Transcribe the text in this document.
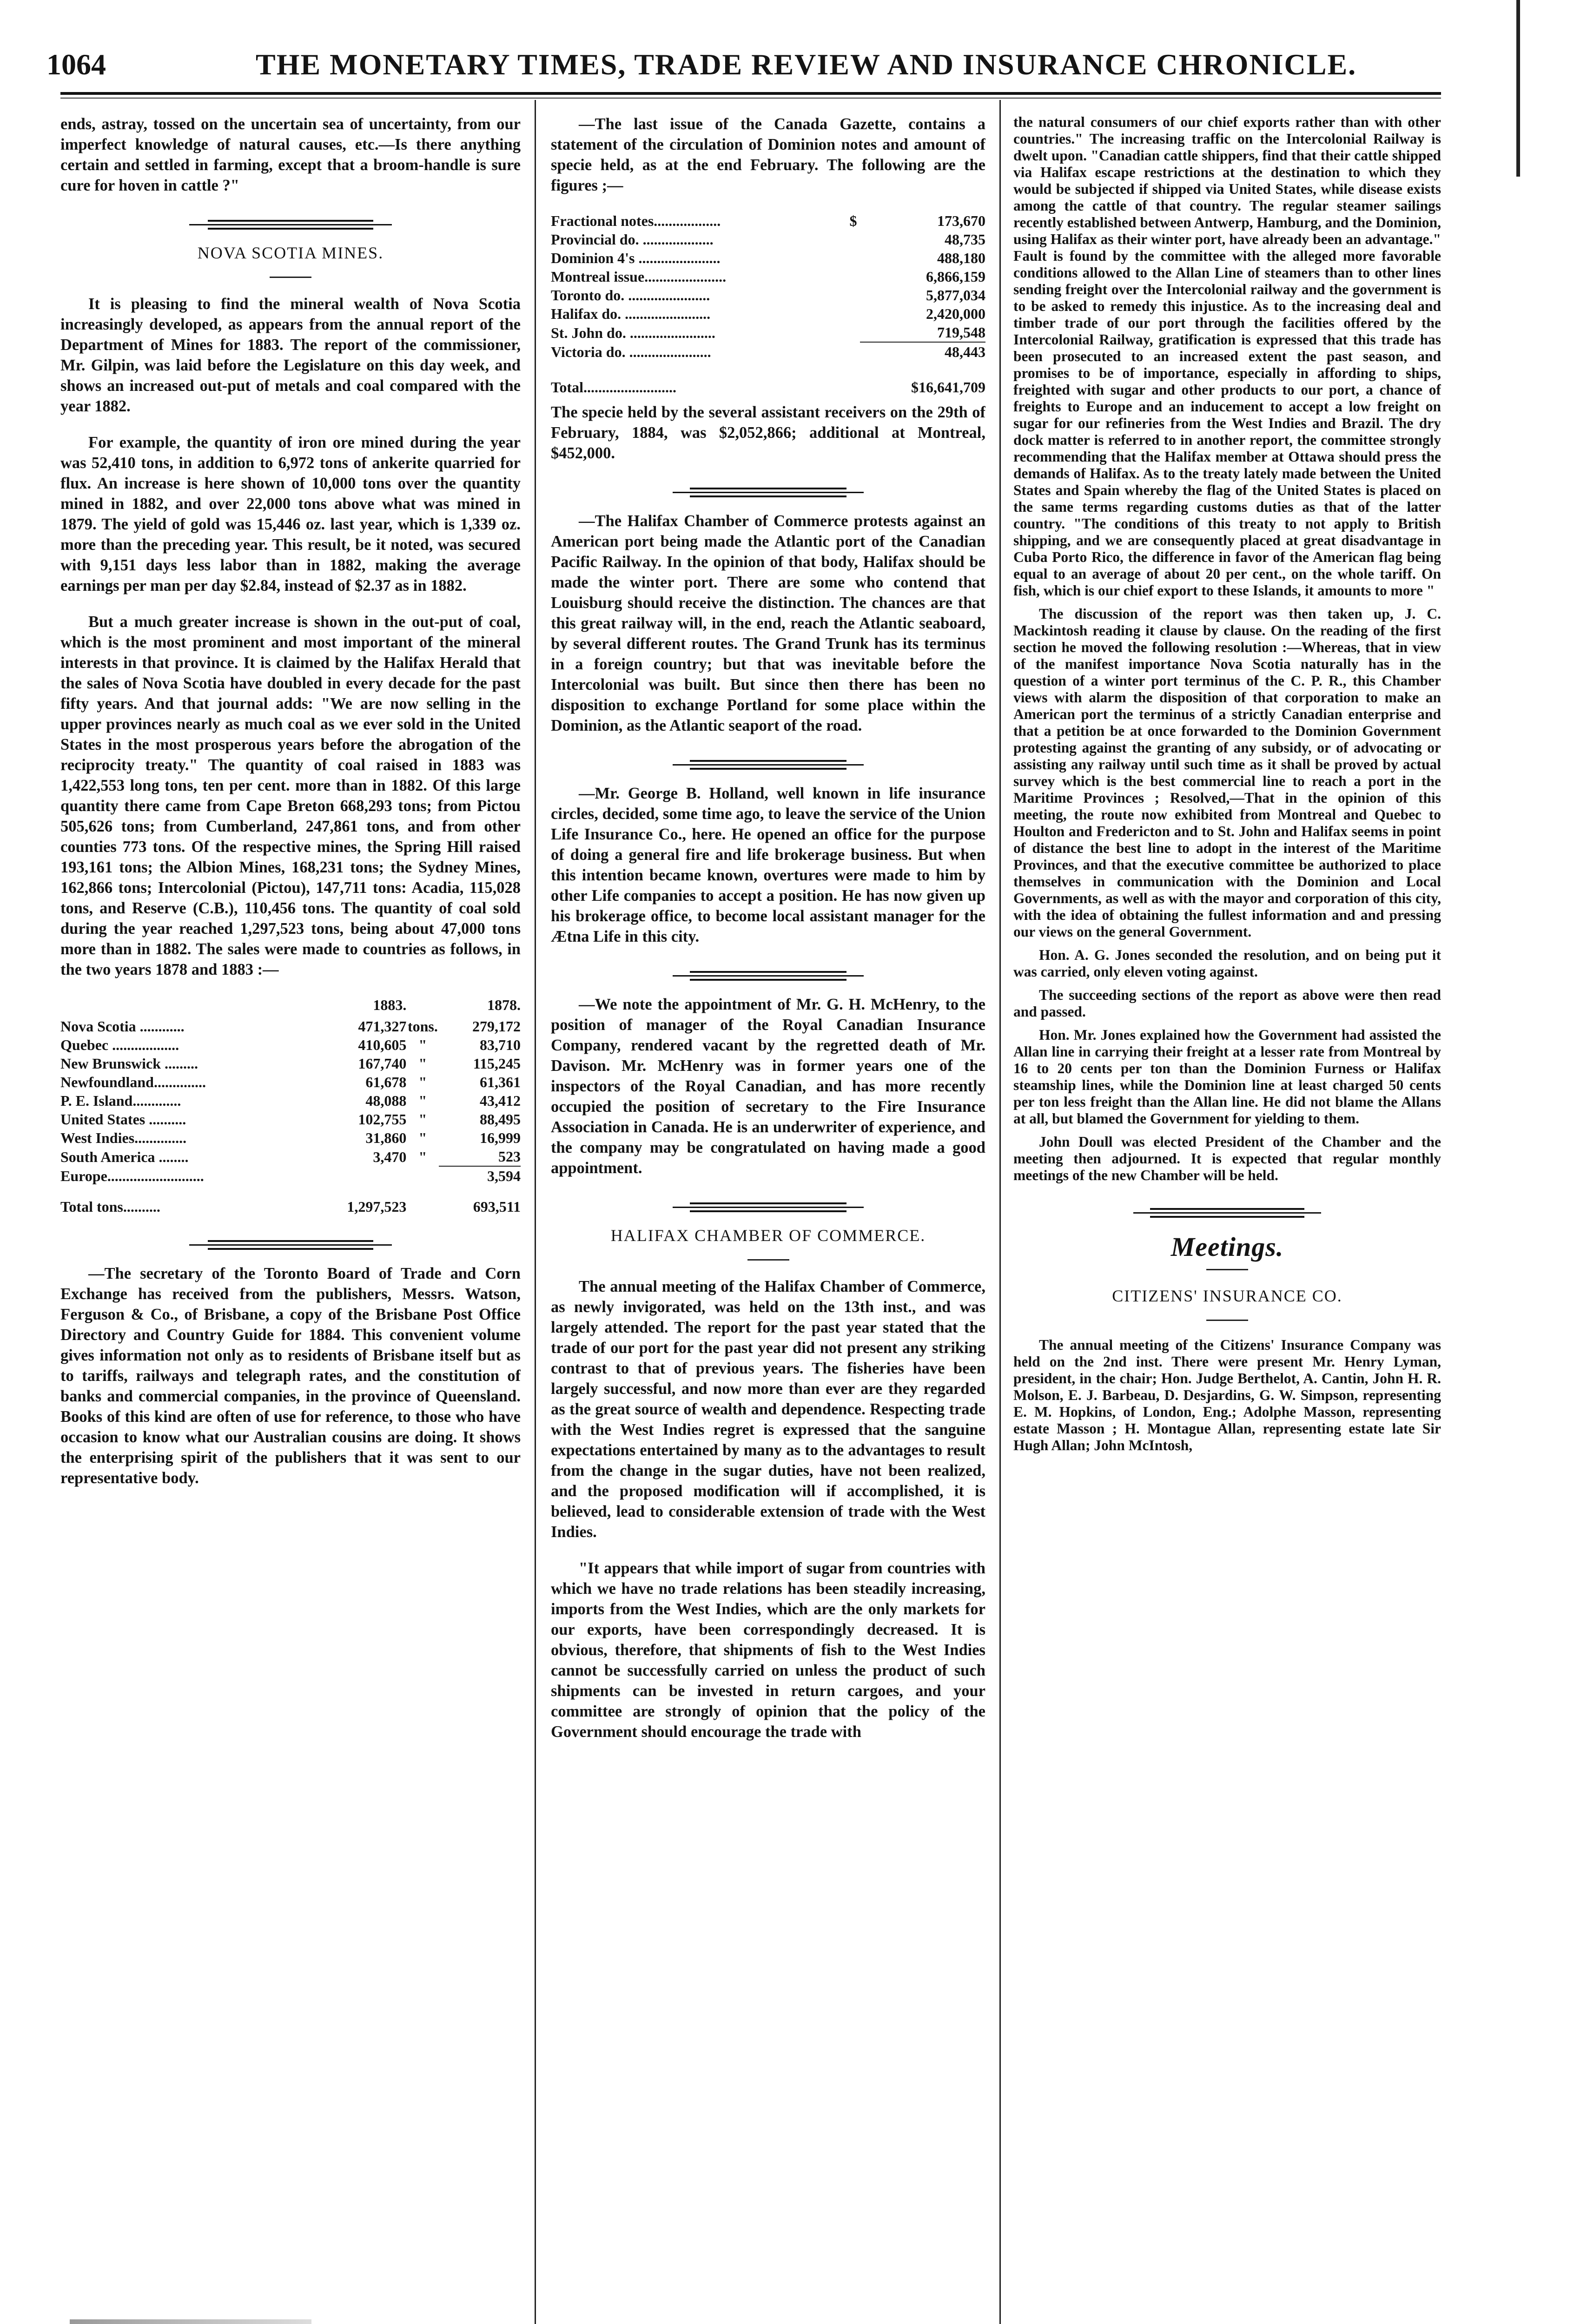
1064	THE MONETARY TIMES, TRADE REVIEW AND INSURANCE CHRONICLE.

ends, astray, tossed on the uncertain sea of uncertainty, from our imperfect knowledge of natural causes, etc.—Is there anything certain and settled in farming, except that a broom-handle is sure cure for hoven in cattle ?"

NOVA SCOTIA MINES.

It is pleasing to find the mineral wealth of Nova Scotia increasingly developed, as appears from the annual report of the Department of Mines for 1883. The report of the commissioner, Mr. Gilpin, was laid before the Legislature on this day week, and shows an increased out-put of metals and coal compared with the year 1882.

For example, the quantity of iron ore mined during the year was 52,410 tons, in addition to 6,972 tons of ankerite quarried for flux. An increase is here shown of 10,000 tons over the quantity mined in 1882, and over 22,000 tons above what was mined in 1879. The yield of gold was 15,446 oz. last year, which is 1,339 oz. more than the preceding year. This result, be it noted, was secured with 9,151 days less labor than in 1882, making the average earnings per man per day $2.84, instead of $2.37 as in 1882.

But a much greater increase is shown in the out-put of coal, which is the most prominent and most important of the mineral interests in that province. It is claimed by the Halifax Herald that the sales of Nova Scotia have doubled in every decade for the past fifty years. And that journal adds: "We are now selling in the upper provinces nearly as much coal as we ever sold in the United States in the most prosperous years before the abrogation of the reciprocity treaty." The quantity of coal raised in 1883 was 1,422,553 long tons, ten per cent. more than in 1882. Of this large quantity there came from Cape Breton 668,293 tons; from Pictou 505,626 tons; from Cumberland, 247,861 tons, and from other counties 773 tons. Of the respective mines, the Spring Hill raised 193,161 tons; the Albion Mines, 168,231 tons; the Sydney Mines, 162,866 tons; Intercolonial (Pictou), 147,711 tons: Acadia, 115,028 tons, and Reserve (C.B.), 110,456 tons. The quantity of coal sold during the year reached 1,297,523 tons, being about 47,000 tons more than in 1882. The sales were made to countries as follows, in the two years 1878 and 1883 :—

	1883.		1878.
Nova Scotia ............	471,327	tons.	279,172
Quebec ..................	410,605	"	83,710
New Brunswick .........	167,740	"	115,245
Newfoundland..............	61,678	"	61,361
P. E. Island.............	48,088	"	43,412
United States ..........	102,755	"	88,495
West Indies..............	31,860	"	16,999
South America ........	3,470	"	523
Europe..........................			3,594
Total tons..........	1,297,523		693,511

—The secretary of the Toronto Board of Trade and Corn Exchange has received from the publishers, Messrs. Watson, Ferguson & Co., of Brisbane, a copy of the Brisbane Post Office Directory and Country Guide for 1884. This convenient volume gives information not only as to residents of Brisbane itself but as to tariffs, railways and telegraph rates, and the constitution of banks and commercial companies, in the province of Queensland. Books of this kind are often of use for reference, to those who have occasion to know what our Australian cousins are doing. It shows the enterprising spirit of the publishers that it was sent to our representative body.

—The last issue of the Canada Gazette, contains a statement of the circulation of Dominion notes and amount of specie held, as at the end February. The following are the figures ;—

Fractional notes..................	$	173,670
Provincial do. ...................		48,735
Dominion 4's ......................		488,180
Montreal issue......................		6,866,159
Toronto do. ......................		5,877,034
Halifax do. .......................		2,420,000
St. John do. .......................		719,548
Victoria do. ......................		48,443
Total.........................		$16,641,709

The specie held by the several assistant receivers on the 29th of February, 1884, was $2,052,866; additional at Montreal, $452,000.

—The Halifax Chamber of Commerce protests against an American port being made the Atlantic port of the Canadian Pacific Railway. In the opinion of that body, Halifax should be made the winter port. There are some who contend that Louisburg should receive the distinction. The chances are that this great railway will, in the end, reach the Atlantic seaboard, by several different routes. The Grand Trunk has its terminus in a foreign country; but that was inevitable before the Intercolonial was built. But since then there has been no disposition to exchange Portland for some place within the Dominion, as the Atlantic seaport of the road.

—Mr. George B. Holland, well known in life insurance circles, decided, some time ago, to leave the service of the Union Life Insurance Co., here. He opened an office for the purpose of doing a general fire and life brokerage business. But when this intention became known, overtures were made to him by other Life companies to accept a position. He has now given up his brokerage office, to become local assistant manager for the Ætna Life in this city.

—We note the appointment of Mr. G. H. McHenry, to the position of manager of the Royal Canadian Insurance Company, rendered vacant by the regretted death of Mr. Davison. Mr. McHenry was in former years one of the inspectors of the Royal Canadian, and has more recently occupied the position of secretary to the Fire Insurance Association in Canada. He is an underwriter of experience, and the company may be congratulated on having made a good appointment.

HALIFAX CHAMBER OF COMMERCE.

The annual meeting of the Halifax Chamber of Commerce, as newly invigorated, was held on the 13th inst., and was largely attended. The report for the past year stated that the trade of our port for the past year did not present any striking contrast to that of previous years. The fisheries have been largely successful, and now more than ever are they regarded as the great source of wealth and dependence. Respecting trade with the West Indies regret is expressed that the sanguine expectations entertained by many as to the advantages to result from the change in the sugar duties, have not been realized, and the proposed modification will if accomplished, it is believed, lead to considerable extension of trade with the West Indies.

"It appears that while import of sugar from countries with which we have no trade relations has been steadily increasing, imports from the West Indies, which are the only markets for our exports, have been correspondingly decreased. It is obvious, therefore, that shipments of fish to the West Indies cannot be successfully carried on unless the product of such shipments can be invested in return cargoes, and your committee are strongly of opinion that the policy of the Government should encourage the trade with

the natural consumers of our chief exports rather than with other countries." The increasing traffic on the Intercolonial Railway is dwelt upon. "Canadian cattle shippers, find that their cattle shipped via Halifax escape restrictions at the destination to which they would be subjected if shipped via United States, while disease exists among the cattle of that country. The regular steamer sailings recently established between Antwerp, Hamburg, and the Dominion, using Halifax as their winter port, have already been an advantage." Fault is found by the committee with the alleged more favorable conditions allowed to the Allan Line of steamers than to other lines sending freight over the Intercolonial railway and the government is to be asked to remedy this injustice. As to the increasing deal and timber trade of our port through the facilities offered by the Intercolonial Railway, gratification is expressed that this trade has been prosecuted to an increased extent the past season, and promises to be of importance, especially in affording to ships, freighted with sugar and other products to our port, a chance of freights to Europe and an inducement to accept a low freight on sugar for our refineries from the West Indies and Brazil. The dry dock matter is referred to in another report, the committee strongly recommending that the Halifax member at Ottawa should press the demands of Halifax. As to the treaty lately made between the United States and Spain whereby the flag of the United States is placed on the same terms regarding customs duties as that of the latter country. "The conditions of this treaty to not apply to British shipping, and we are consequently placed at great disadvantage in Cuba Porto Rico, the difference in favor of the American flag being equal to an average of about 20 per cent., on the whole tariff. On fish, which is our chief export to these Islands, it amounts to more "

The discussion of the report was then taken up, J. C. Mackintosh reading it clause by clause. On the reading of the first section he moved the following resolution :—Whereas, that in view of the manifest importance Nova Scotia naturally has in the question of a winter port terminus of the C. P. R., this Chamber views with alarm the disposition of that corporation to make an American port the terminus of a strictly Canadian enterprise and that a petition be at once forwarded to the Dominion Government protesting against the granting of any subsidy, or of advocating or assisting any railway until such time as it shall be proved by actual survey which is the best commercial line to reach a port in the Maritime Provinces ; Resolved,—That in the opinion of this meeting, the route now exhibited from Montreal and Quebec to Houlton and Fredericton and to St. John and Halifax seems in point of distance the best line to adopt in the interest of the Maritime Provinces, and that the executive committee be authorized to place themselves in communication with the Dominion and Local Governments, as well as with the mayor and corporation of this city, with the idea of obtaining the fullest information and and pressing our views on the general Government.

Hon. A. G. Jones seconded the resolution, and on being put it was carried, only eleven voting against.

The succeeding sections of the report as above were then read and passed.

Hon. Mr. Jones explained how the Government had assisted the Allan line in carrying their freight at a lesser rate from Montreal by 16 to 20 cents per ton than the Dominion Furness or Halifax steamship lines, while the Dominion line at least charged 50 cents per ton less freight than the Allan line. He did not blame the Allans at all, but blamed the Government for yielding to them.

John Doull was elected President of the Chamber and the meeting then adjourned. It is expected that regular monthly meetings of the new Chamber will be held.

Meetings.
CITIZENS' INSURANCE CO.

The annual meeting of the Citizens' Insurance Company was held on the 2nd inst. There were present Mr. Henry Lyman, president, in the chair; Hon. Judge Berthelot, A. Cantin, John H. R. Molson, E. J. Barbeau, D. Desjardins, G. W. Simpson, representing E. M. Hopkins, of London, Eng.; Adolphe Masson, representing estate Masson ; H. Montague Allan, representing estate late Sir Hugh Allan; John McIntosh,
